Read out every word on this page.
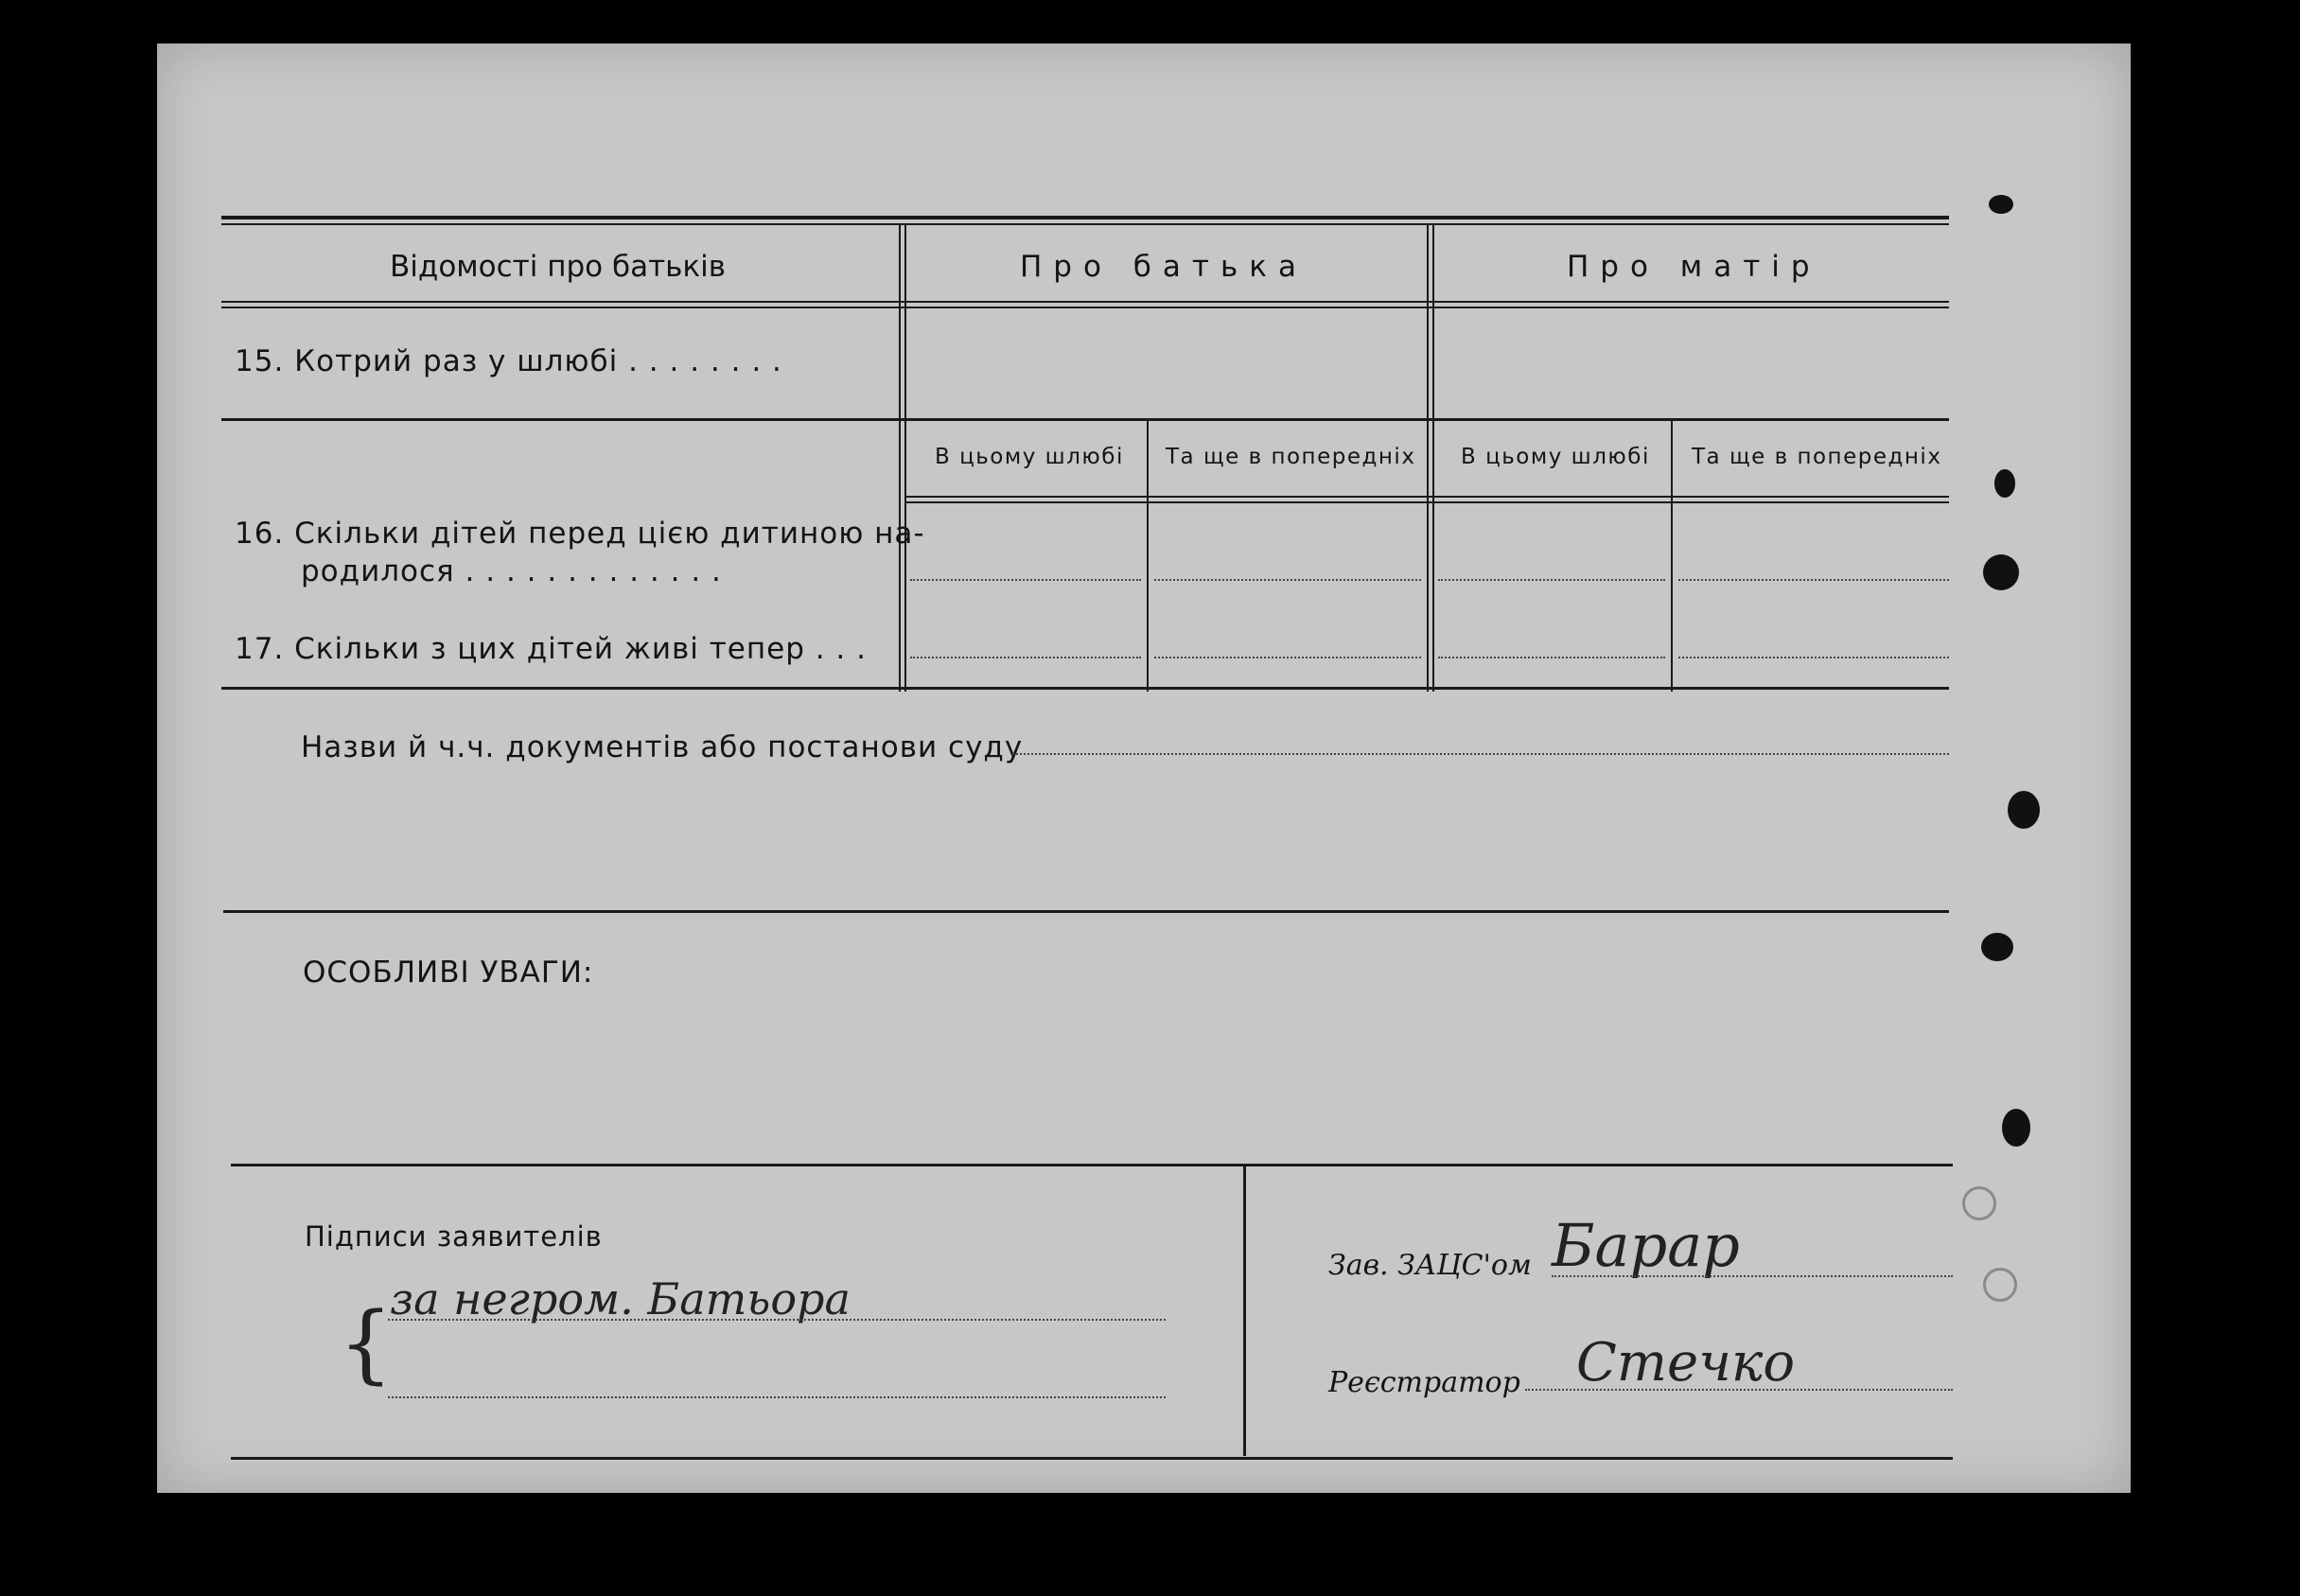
Відомості про батьків	Про батька	Про матір
15. Котрий раз у шлюбі . . . . . . . .
В цьому шлюбі Та ще в попередніх В цьому шлюбі Та ще в попередніх
16. Скільки дітей перед цією дитиною на-
родилося . . . . . . . . . . . . .
17. Скільки з цих дітей живі тепер . . .
Назви й ч.ч. документів або постанови суду
ОСОБЛИВІ УВАГИ:
Підписи заявителів
за негром. Батьора
{
Зав. ЗАЦС'ом Барар
Реєстратор Стечко
